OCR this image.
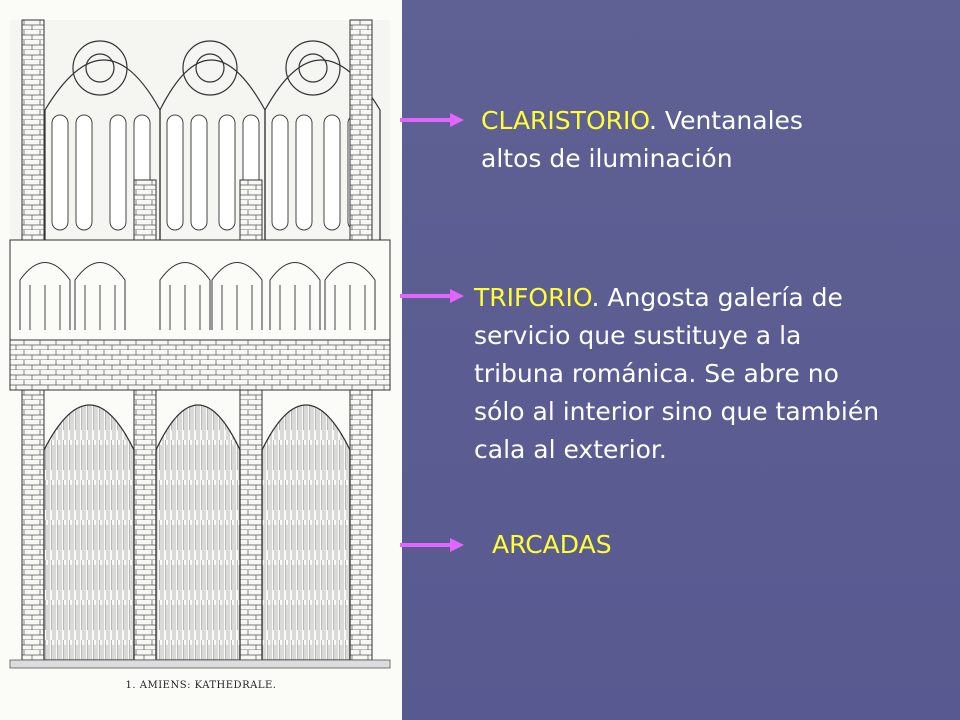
1. AMIENS: KATHEDRALE.
CLARISTORIO. Ventanales
altos de iluminación
TRIFORIO. Angosta galería de
servicio que sustituye a la
tribuna románica. Se abre no
sólo al interior sino que también
cala al exterior.
ARCADAS
